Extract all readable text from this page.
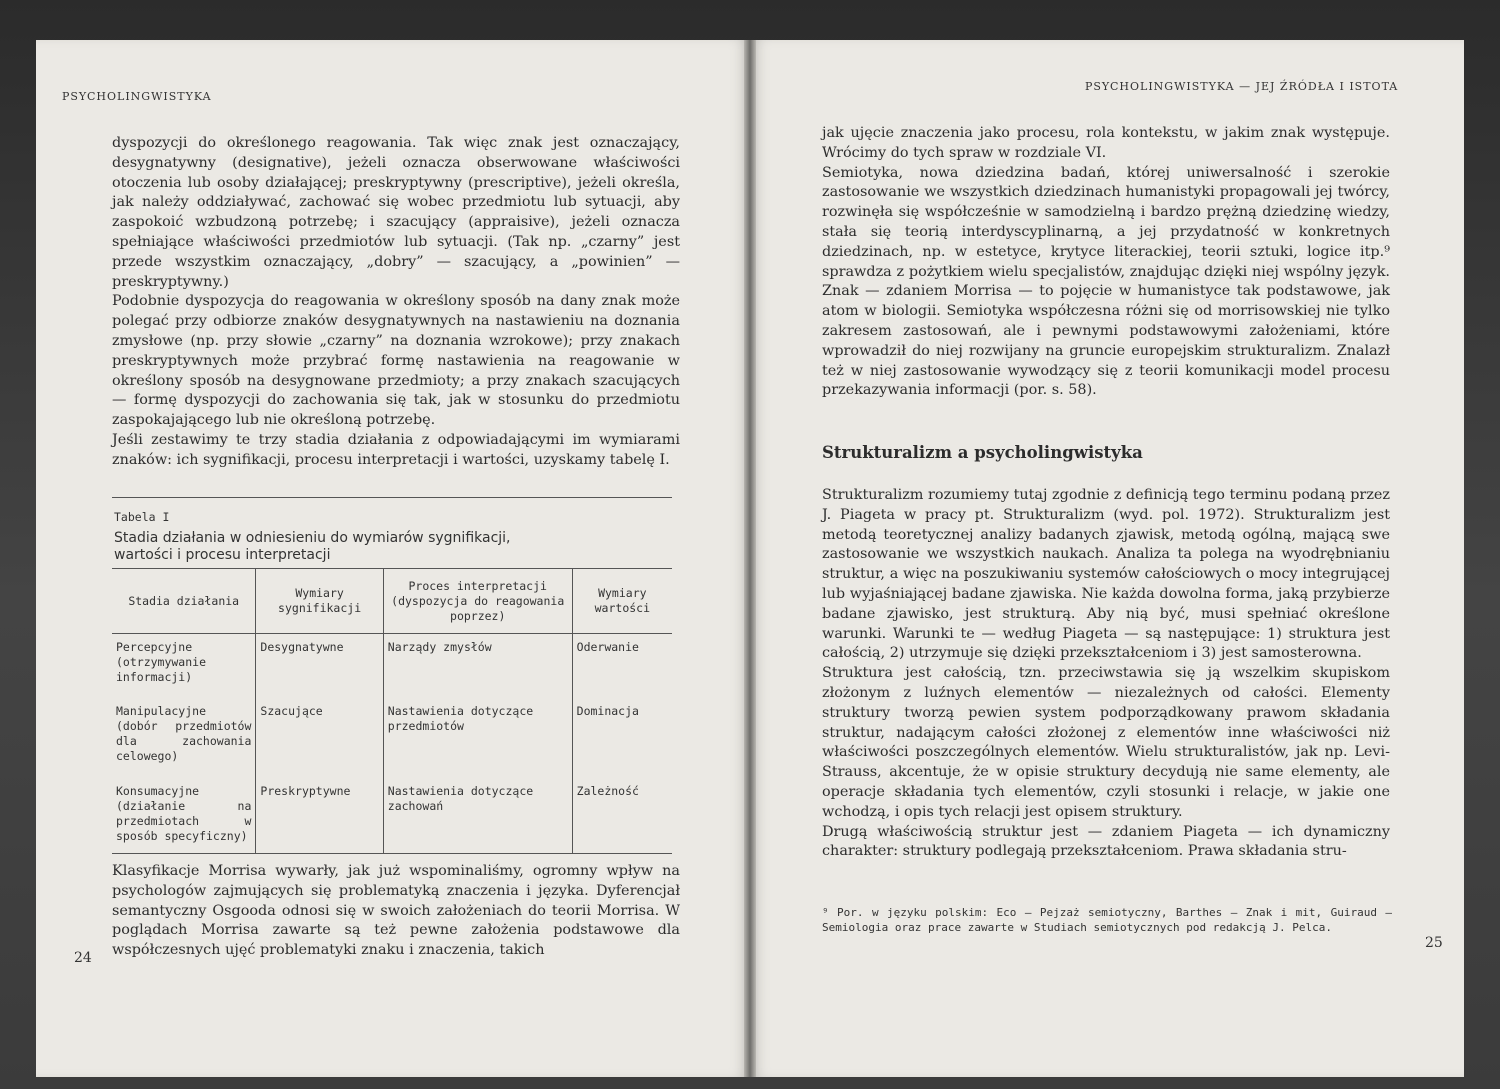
PSYCHOLINGWISTYKA

dyspozycji do określonego reagowania. Tak więc znak jest oznaczający, desygnatywny (designative), jeżeli oznacza obserwowane właściwości otoczenia lub osoby działającej; preskryptywny (prescriptive), jeżeli określa, jak należy oddziaływać, zachować się wobec przedmiotu lub sytuacji, aby zaspokoić wzbudzoną potrzebę; i szacujący (appraisive), jeżeli oznacza spełniające właściwości przedmiotów lub sytuacji. (Tak np. „czarny” jest przede wszystkim oznaczający, „dobry” — szacujący, a „powinien” — preskryptywny.)

Podobnie dyspozycja do reagowania w określony sposób na dany znak może polegać przy odbiorze znaków desygnatywnych na nastawieniu na doznania zmysłowe (np. przy słowie „czarny” na doznania wzrokowe); przy znakach preskryptywnych może przybrać formę nastawienia na reagowanie w określony sposób na desygnowane przedmioty; a przy znakach szacujących — formę dyspozycji do zachowania się tak, jak w stosunku do przedmiotu zaspokajającego lub nie określoną potrzebę.

Jeśli zestawimy te trzy stadia działania z odpowiadającymi im wymiarami znaków: ich sygnifikacji, procesu interpretacji i wartości, uzyskamy tabelę I.

Tabela I
Stadia działania w odniesieniu do wymiarów sygnifikacji, wartości i procesu interpretacji
Stadia działania	Wymiary sygnifikacji	Proces interpretacji (dyspozycja do reagowania poprzez)	Wymiary wartości
Percepcyjne (otrzymywanie informacji)	Desygnatywne	Narządy zmysłów	Oderwanie
Manipulacyjne (dobór przedmiotów dla zachowania celowego)	Szacujące	Nastawienia dotyczące przedmiotów	Dominacja
Konsumacyjne (działanie na przedmiotach w sposób specyficzny)	Preskryptywne	Nastawienia dotyczące zachowań	Zależność

Klasyfikacje Morrisa wywarły, jak już wspominaliśmy, ogromny wpływ na psychologów zajmujących się problematyką znaczenia i języka. Dyferencjał semantyczny Osgooda odnosi się w swoich założeniach do teorii Morrisa. W poglądach Morrisa zawarte są też pewne założenia podstawowe dla współczesnych ujęć problematyki znaku i znaczenia, takich

24
PSYCHOLINGWISTYKA — JEJ ŹRÓDŁA I ISTOTA

jak ujęcie znaczenia jako procesu, rola kontekstu, w jakim znak występuje. Wrócimy do tych spraw w rozdziale VI.

Semiotyka, nowa dziedzina badań, której uniwersalność i szerokie zastosowanie we wszystkich dziedzinach humanistyki propagowali jej twórcy, rozwinęła się współcześnie w samodzielną i bardzo prężną dziedzinę wiedzy, stała się teorią interdyscyplinarną, a jej przydatność w konkretnych dziedzinach, np. w estetyce, krytyce literackiej, teorii sztuki, logice itp.⁹ sprawdza z pożytkiem wielu specjalistów, znajdując dzięki niej wspólny język. Znak — zdaniem Morrisa — to pojęcie w humanistyce tak podstawowe, jak atom w biologii. Semiotyka współczesna różni się od morrisowskiej nie tylko zakresem zastosowań, ale i pewnymi podstawowymi założeniami, które wprowadził do niej rozwijany na gruncie europejskim strukturalizm. Znalazł też w niej zastosowanie wywodzący się z teorii komunikacji model procesu przekazywania informacji (por. s. 58).

Strukturalizm a psycholingwistyka

Strukturalizm rozumiemy tutaj zgodnie z definicją tego terminu podaną przez J. Piageta w pracy pt. Strukturalizm (wyd. pol. 1972). Strukturalizm jest metodą teoretycznej analizy badanych zjawisk, metodą ogólną, mającą swe zastosowanie we wszystkich naukach. Analiza ta polega na wyodrębnianiu struktur, a więc na poszukiwaniu systemów całościowych o mocy integrującej lub wyjaśniającej badane zjawiska. Nie każda dowolna forma, jaką przybierze badane zjawisko, jest strukturą. Aby nią być, musi spełniać określone warunki. Warunki te — według Piageta — są następujące: 1) struktura jest całością, 2) utrzymuje się dzięki przekształceniom i 3) jest samosterowna.

Struktura jest całością, tzn. przeciwstawia się ją wszelkim skupiskom złożonym z luźnych elementów — niezależnych od całości. Elementy struktury tworzą pewien system podporządkowany prawom składania struktur, nadającym całości złożonej z elementów inne właściwości niż właściwości poszczególnych elementów. Wielu strukturalistów, jak np. Levi-Strauss, akcentuje, że w opisie struktury decydują nie same elementy, ale operacje składania tych elementów, czyli stosunki i relacje, w jakie one wchodzą, i opis tych relacji jest opisem struktury.

Drugą właściwością struktur jest — zdaniem Piageta — ich dynamiczny charakter: struktury podlegają przekształceniom. Prawa składania stru-

⁹ Por. w języku polskim: Eco — Pejzaż semiotyczny, Barthes — Znak i mit, Guiraud — Semiologia oraz prace zawarte w Studiach semiotycznych pod redakcją J. Pelca.
25
